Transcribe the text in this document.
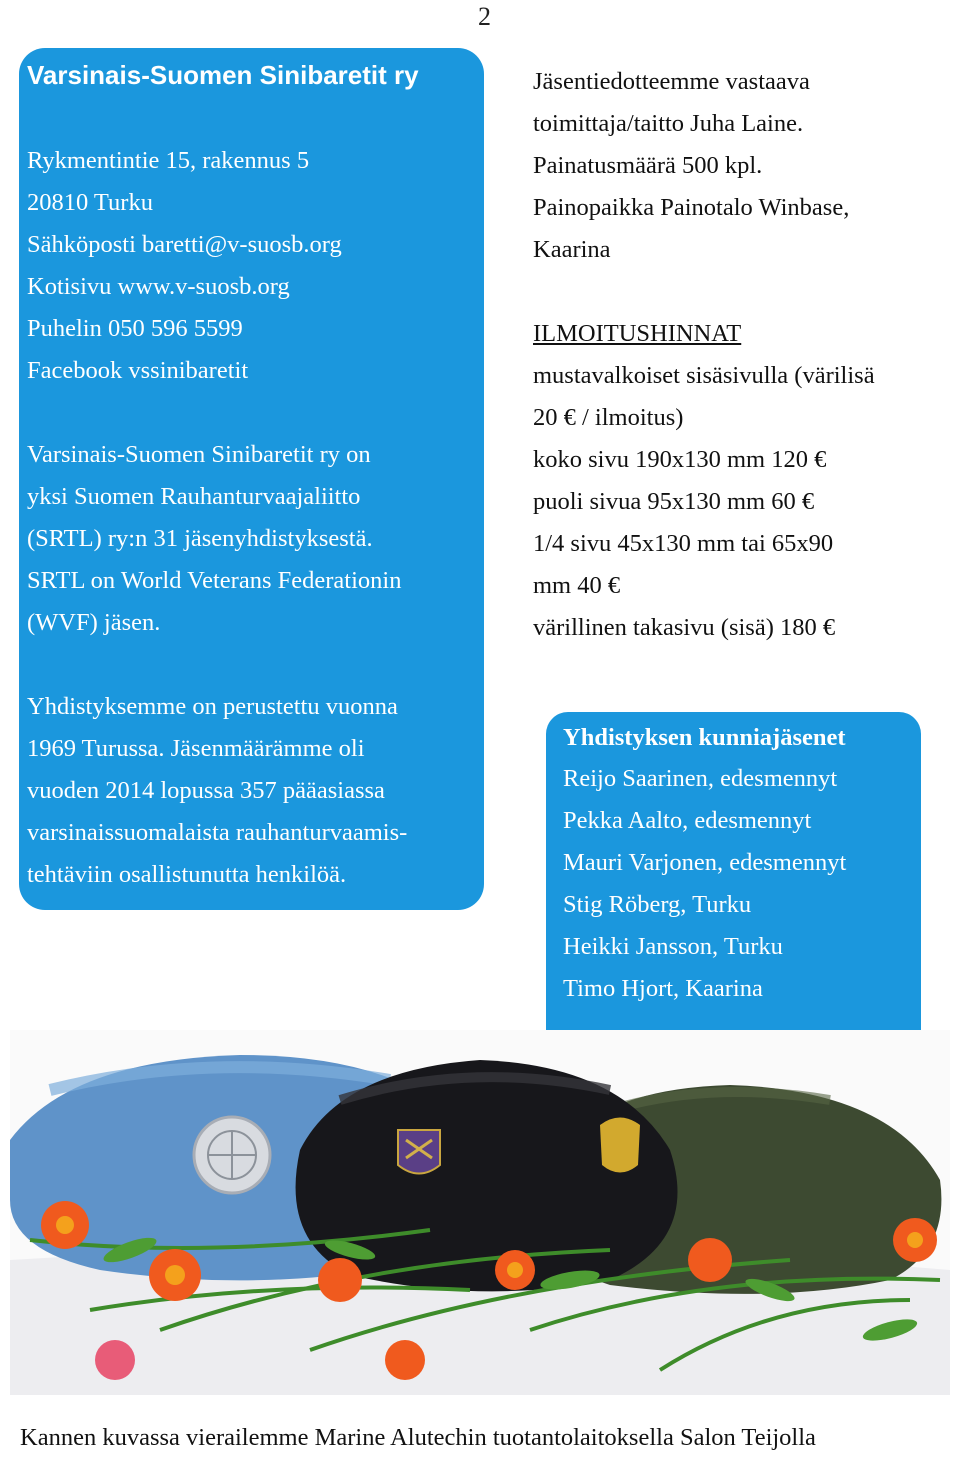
2
Varsinais-Suomen Sinibaretit ry
Rykmentintie 15, rakennus 5
20810 Turku
Sähköposti baretti@v-suosb.org
Kotisivu www.v-suosb.org
Puhelin 050 596 5599
Facebook vssinibaretit
Varsinais-Suomen Sinibaretit ry on
yksi Suomen Rauhanturvaajaliitto
(SRTL) ry:n 31 jäsenyhdistyksestä.
SRTL on World Veterans Federationin
(WVF) jäsen.
Yhdistyksemme on perustettu vuonna
1969 Turussa. Jäsenmäärämme oli
vuoden 2014 lopussa 357 pääasiassa
varsinaissuomalaista rauhanturvaamis-
tehtäviin osallistunutta henkilöä.
Jäsentiedotteemme vastaava
toimittaja/taitto Juha Laine.
Painatusmäärä 500 kpl.
Painopaikka Painotalo Winbase,
Kaarina
ILMOITUSHINNAT
mustavalkoiset sisäsivulla (värilisä
20 € / ilmoitus)
koko sivu 190x130 mm 120 €
puoli sivua 95x130 mm 60 €
1/4 sivu 45x130 mm tai 65x90
mm 40 €
värillinen takasivu (sisä) 180 €
Yhdistyksen kunniajäsenet
Reijo Saarinen, edesmennyt
Pekka Aalto, edesmennyt
Mauri Varjonen, edesmennyt
Stig Röberg, Turku
Heikki Jansson, Turku
Timo Hjort, Kaarina
Kannen kuvassa vierailemme Marine Alutechin tuotantolaitoksella Salon Teijolla
